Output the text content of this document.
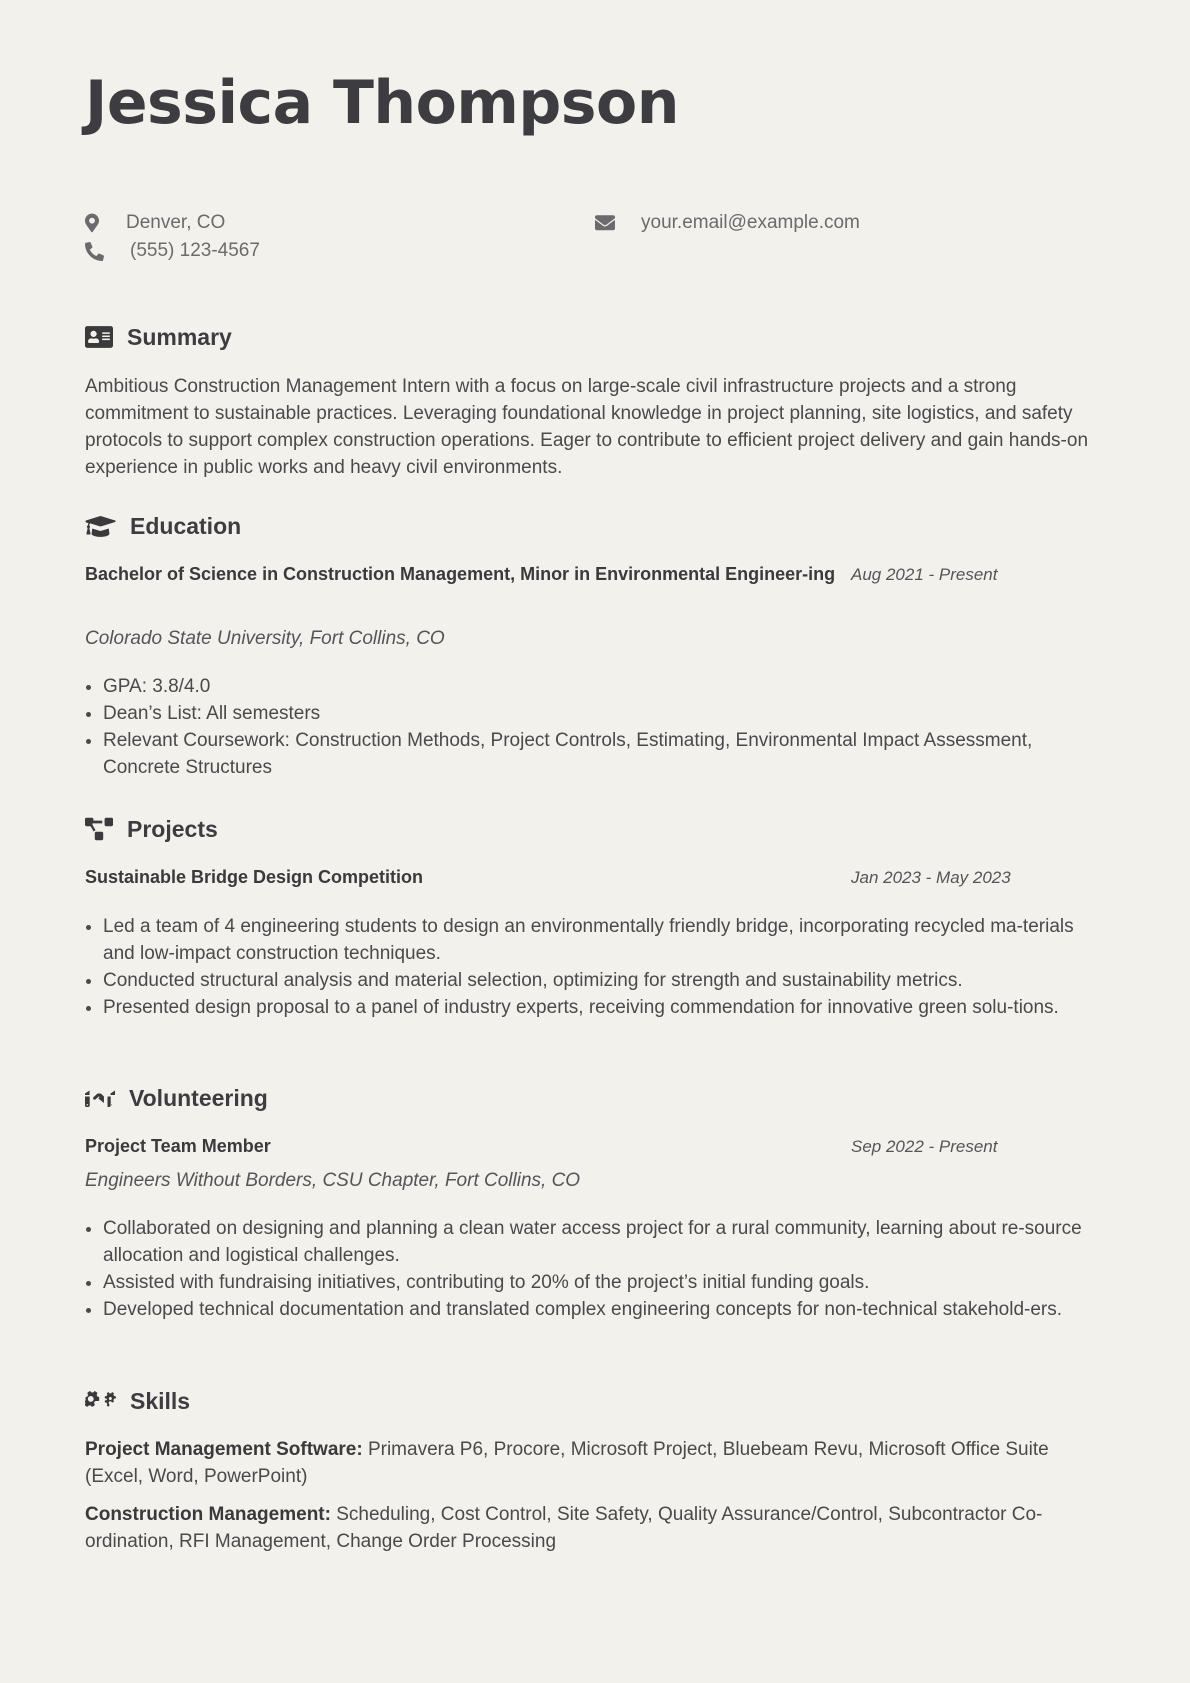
Jessica Thompson
Denver, CO
(555) 123-4567
your.email@example.com
Summary

Ambitious Construction Management Intern with a focus on large-scale civil infrastructure projects and a strong commitment to sustainable practices. Leveraging foundational knowledge in project planning, site logistics, and safety protocols to support complex construction operations. Eager to contribute to efficient project delivery and gain hands-on experience in public works and heavy civil environments.

Education
Bachelor of Science in Construction Management, Minor in Environmental Engineer-ing Aug 2021 - Present
Colorado State University, Fort Collins, CO
• GPA: 3.8/4.0
• Dean’s List: All semesters
• Relevant Coursework: Construction Methods, Project Controls, Estimating, Environmental Impact Assessment, Concrete Structures
Projects
Sustainable Bridge Design Competition	Jan 2023 - May 2023
• Led a team of 4 engineering students to design an environmentally friendly bridge, incorporating recycled ma-terials and low-impact construction techniques.
• Conducted structural analysis and material selection, optimizing for strength and sustainability metrics.
• Presented design proposal to a panel of industry experts, receiving commendation for innovative green solu-tions.
Volunteering
Project Team Member	Sep 2022 - Present
Engineers Without Borders, CSU Chapter, Fort Collins, CO
• Collaborated on designing and planning a clean water access project for a rural community, learning about re-source allocation and logistical challenges.
• Assisted with fundraising initiatives, contributing to 20% of the project’s initial funding goals.
• Developed technical documentation and translated complex engineering concepts for non-technical stakehold-ers.
Skills

Project Management Software: Primavera P6, Procore, Microsoft Project, Bluebeam Revu, Microsoft Office Suite (Excel, Word, PowerPoint)

Construction Management: Scheduling, Cost Control, Site Safety, Quality Assurance/Control, Subcontractor Co-ordination, RFI Management, Change Order Processing
